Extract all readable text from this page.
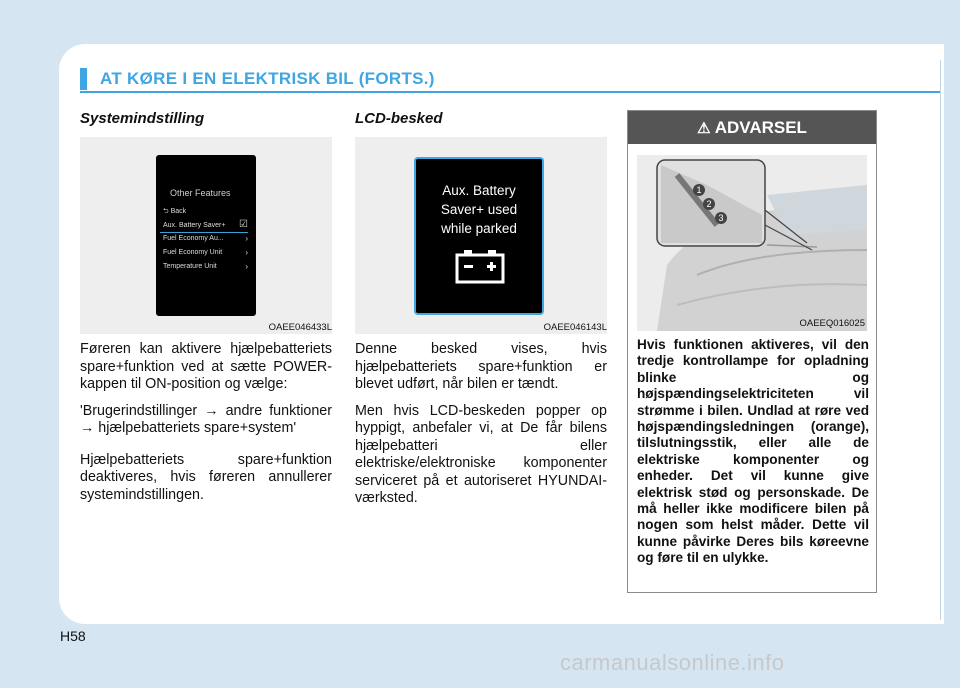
AT KØRE I EN ELEKTRISK BIL (FORTS.)
Systemindstilling
Other Features
⮌ Back
Aux. Battery Saver+ ☑
Fuel Economy Au...	›
Fuel Economy Unit	›
Temperature Unit	›
OAEE046433L

Føreren kan aktivere hjælpebatteriets spare+funktion ved at sætte POWER-kappen til ON-position og vælge:

'Brugerindstillinger → andre funktioner → hjælpebatteriets spare+system'

Hjælpebatteriets spare+funktion deaktiveres, hvis føreren annullerer systemindstillingen.

LCD-besked
Aux. Battery
Saver+ used
while parked
OAEE046143L

Denne besked vises, hvis hjælpebatteriets spare+funktion er blevet udført, når bilen er tændt.

Men hvis LCD-beskeden popper op hyppigt, anbefaler vi, at De får bilens hjælpebatteri eller elektriske/elektroniske komponenter serviceret på et autoriseret HYUNDAI-værksted.

⚠ ADVARSEL
1
2
3
OAEEQ016025
Hvis funktionen aktiveres, vil den tredje kontrollampe for opladning blinke og højspændingselektriciteten vil strømme i bilen. Undlad at røre ved højspændingsledningen (orange), tilslutningsstik, eller alle de elektriske komponenter og enheder. Det vil kunne give elektrisk stød og personskade. De må heller ikke modificere bilen på nogen som helst måder. Dette vil kunne påvirke Deres bils køreevne og føre til en ulykke.
H58
carmanualsonline.info
